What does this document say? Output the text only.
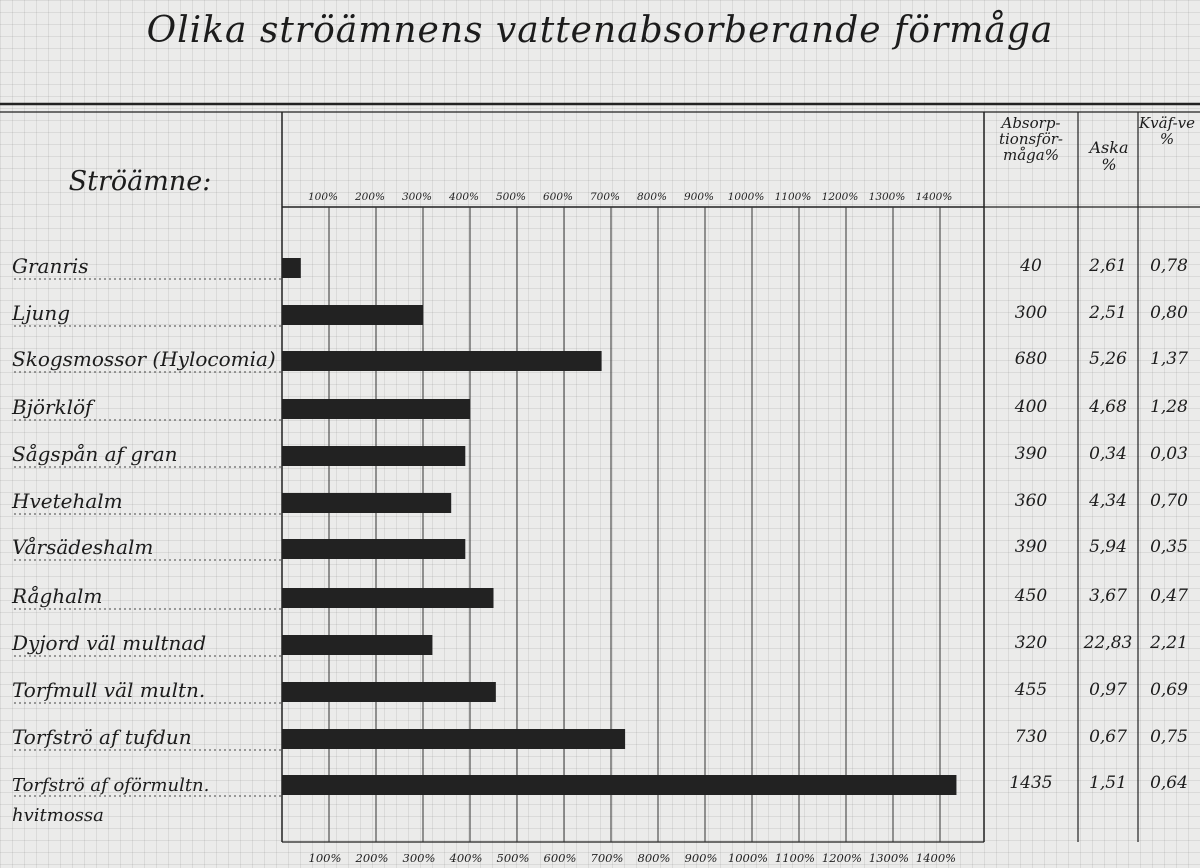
Olika ströämnens vattenabsorberande förmåga
100%
100%
200%
200%
300%
300%
400%
400%
500%
500%
600%
600%
700%
700%
800%
800%
900%
900%
1000%
1000%
1100%
1100%
1200%
1200%
1300%
1300%
1400%
1400%
Ströämne:
Absorp-tionsför-måga%	Aska %
Kväf-ve %
Granris
Ljung
Skogsmossor (Hylocomia)
Björklöf
Sågspån af gran
Hvetehalm
Vårsädeshalm
Råghalm
Dyjord väl multnad
Torfmull väl multn.
Torfströ af tufdun
Torfströ af oförmultn. hvitmossa
40
300
680
400
390
360
390
450
320
455
730
1435
2,61
2,51
5,26
4,68
0,34
4,34
5,94
3,67
22,83
0,97
0,67
1,51
0,78
0,80
1,37
1,28
0,03
0,70
0,35
0,47
2,21
0,69
0,75
0,64
